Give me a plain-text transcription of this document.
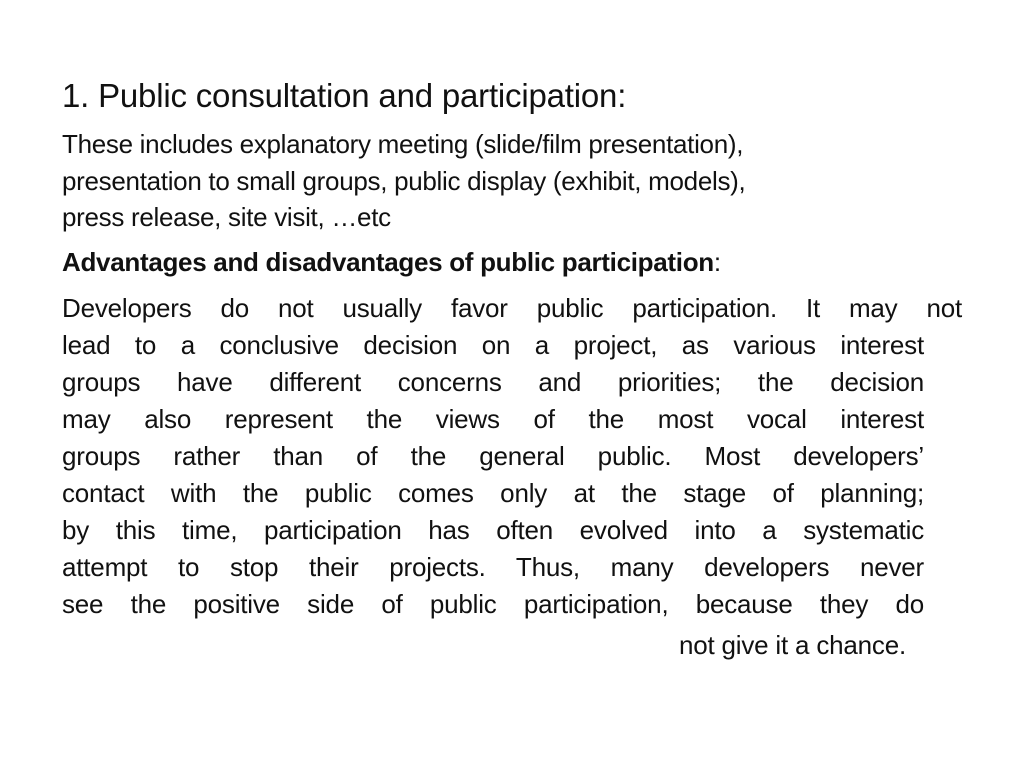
1. Public consultation and participation:
These includes explanatory meeting (slide/film presentation),
presentation to small groups, public display (exhibit, models),
press release, site visit, …etc
Advantages and disadvantages of public participation:
Developers do not usually favor public participation. It may not
lead to a conclusive decision on a project, as various interest
groups have different concerns and priorities; the decision
may also represent the views of the most vocal interest
groups rather than of the general public. Most developers’
contact with the public comes only at the stage of planning;
by this time, participation has often evolved into a systematic
attempt to stop their projects. Thus, many developers never
see the positive side of public participation, because they do
not give it a chance.
